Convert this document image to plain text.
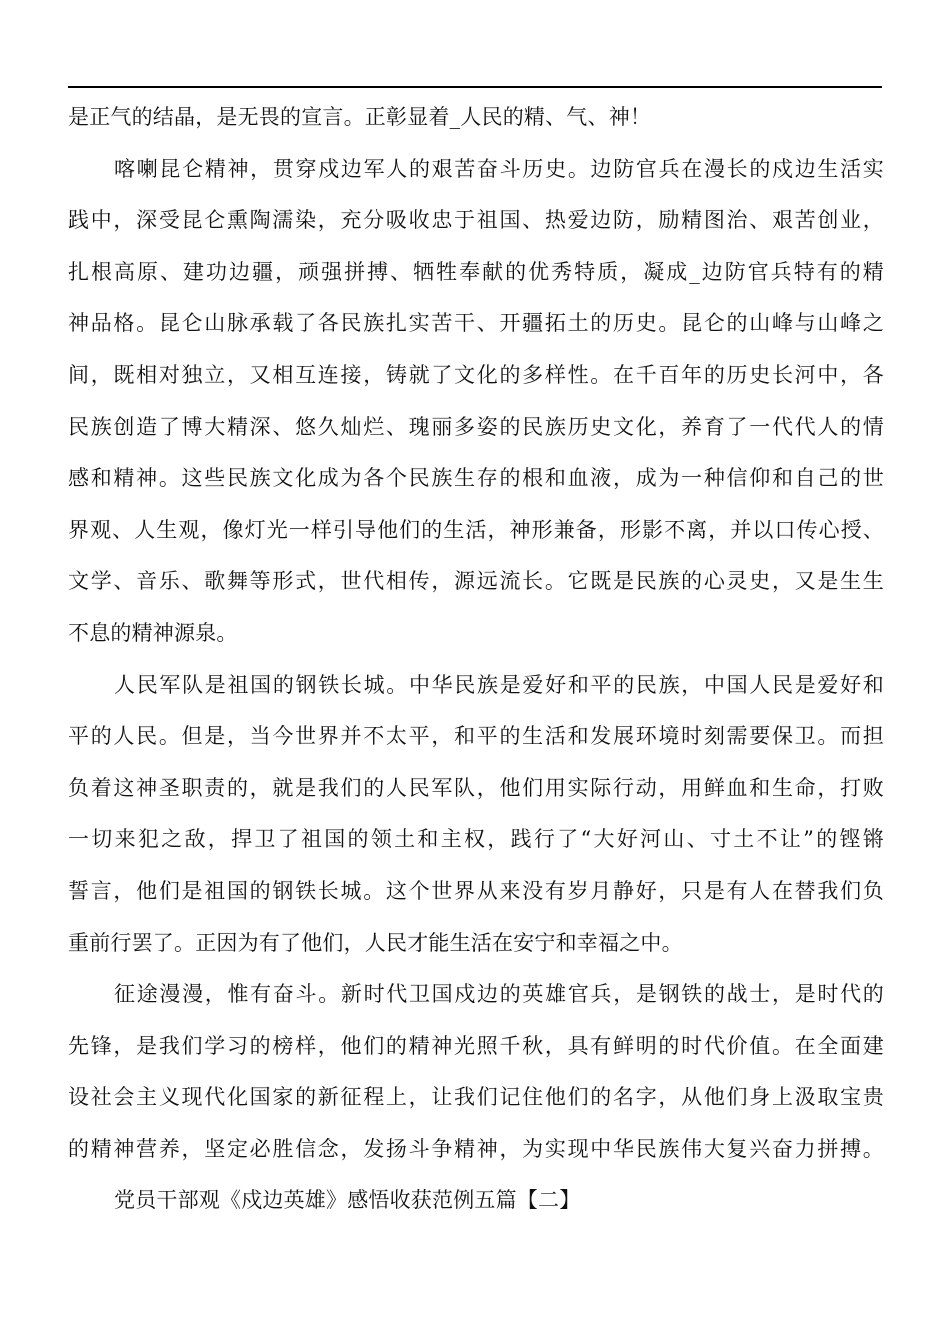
是正气的结晶，是无畏的宣言。正彰显着_人民的精、气、神！
喀喇昆仑精神，贯穿戍边军人的艰苦奋斗历史。边防官兵在漫长的戍边生活实
践中，深受昆仑熏陶濡染，充分吸收忠于祖国、热爱边防，励精图治、艰苦创业，
扎根高原、建功边疆，顽强拼搏、牺牲奉献的优秀特质，凝成_边防官兵特有的精
神品格。昆仑山脉承载了各民族扎实苦干、开疆拓土的历史。昆仑的山峰与山峰之
间，既相对独立，又相互连接，铸就了文化的多样性。在千百年的历史长河中，各
民族创造了博大精深、悠久灿烂、瑰丽多姿的民族历史文化，养育了一代代人的情
感和精神。这些民族文化成为各个民族生存的根和血液，成为一种信仰和自己的世
界观、人生观，像灯光一样引导他们的生活，神形兼备，形影不离，并以口传心授、
文学、音乐、歌舞等形式，世代相传，源远流长。它既是民族的心灵史，又是生生
不息的精神源泉。
人民军队是祖国的钢铁长城。中华民族是爱好和平的民族，中国人民是爱好和
平的人民。但是，当今世界并不太平，和平的生活和发展环境时刻需要保卫。而担
负着这神圣职责的，就是我们的人民军队，他们用实际行动，用鲜血和生命，打败
一切来犯之敌，捍卫了祖国的领土和主权，践行了“大好河山、寸土不让”的铿锵
誓言，他们是祖国的钢铁长城。这个世界从来没有岁月静好，只是有人在替我们负
重前行罢了。正因为有了他们，人民才能生活在安宁和幸福之中。
征途漫漫，惟有奋斗。新时代卫国戍边的英雄官兵，是钢铁的战士，是时代的
先锋，是我们学习的榜样，他们的精神光照千秋，具有鲜明的时代价值。在全面建
设社会主义现代化国家的新征程上，让我们记住他们的名字，从他们身上汲取宝贵
的精神营养，坚定必胜信念，发扬斗争精神，为实现中华民族伟大复兴奋力拼搏。
党员干部观《戍边英雄》感悟收获范例五篇【二】
